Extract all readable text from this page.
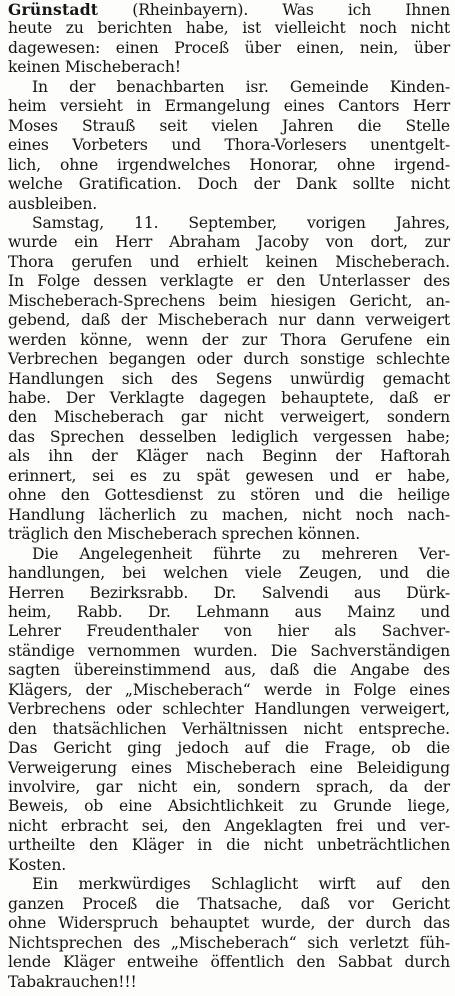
Grünstadt (Rheinbayern). Was ich Ihnen
heute zu berichten habe, ist vielleicht noch nicht
dagewesen: einen Proceß über einen, nein, über
keinen Mischeberach!
In der benachbarten isr. Gemeinde Kinden-
heim versieht in Ermangelung eines Cantors Herr
Moses Strauß seit vielen Jahren die Stelle
eines Vorbeters und Thora-Vorlesers unentgelt-
lich, ohne irgendwelches Honorar, ohne irgend-
welche Gratification. Doch der Dank sollte nicht
ausbleiben.
Samstag, 11. September, vorigen Jahres,
wurde ein Herr Abraham Jacoby von dort, zur
Thora gerufen und erhielt keinen Mischeberach.
In Folge dessen verklagte er den Unterlasser des
Mischeberach-Sprechens beim hiesigen Gericht, an-
gebend, daß der Mischeberach nur dann verweigert
werden könne, wenn der zur Thora Gerufene ein
Verbrechen begangen oder durch sonstige schlechte
Handlungen sich des Segens unwürdig gemacht
habe. Der Verklagte dagegen behauptete, daß er
den Mischeberach gar nicht verweigert, sondern
das Sprechen desselben lediglich vergessen habe;
als ihn der Kläger nach Beginn der Haftorah
erinnert, sei es zu spät gewesen und er habe,
ohne den Gottesdienst zu stören und die heilige
Handlung lächerlich zu machen, nicht noch nach-
träglich den Mischeberach sprechen können.
Die Angelegenheit führte zu mehreren Ver-
handlungen, bei welchen viele Zeugen, und die
Herren Bezirksrabb. Dr. Salvendi aus Dürk-
heim, Rabb. Dr. Lehmann aus Mainz und
Lehrer Freudenthaler von hier als Sachver-
ständige vernommen wurden. Die Sachverständigen
sagten übereinstimmend aus, daß die Angabe des
Klägers, der „Mischeberach“ werde in Folge eines
Verbrechens oder schlechter Handlungen verweigert,
den thatsächlichen Verhältnissen nicht entspreche.
Das Gericht ging jedoch auf die Frage, ob die
Verweigerung eines Mischeberach eine Beleidigung
involvire, gar nicht ein, sondern sprach, da der
Beweis, ob eine Absichtlichkeit zu Grunde liege,
nicht erbracht sei, den Angeklagten frei und ver-
urtheilte den Kläger in die nicht unbeträchtlichen
Kosten.
Ein merkwürdiges Schlaglicht wirft auf den
ganzen Proceß die Thatsache, daß vor Gericht
ohne Widerspruch behauptet wurde, der durch das
Nichtsprechen des „Mischeberach“ sich verletzt füh-
lende Kläger entweihe öffentlich den Sabbat durch
Tabakrauchen!!!
